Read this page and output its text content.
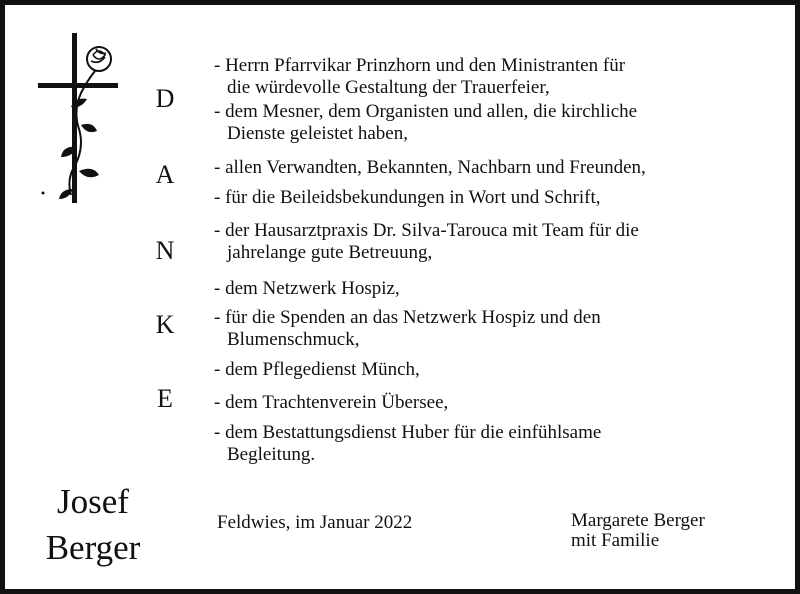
D
A
N
K
E
- Herrn Pfarrvikar Prinzhorn und den Ministranten für
die würdevolle Gestaltung der Trauerfeier,
- dem Mesner, dem Organisten und allen, die kirchliche
Dienste geleistet haben,
- allen Verwandten, Bekannten, Nachbarn und Freunden,
- für die Beileidsbekundungen in Wort und Schrift,
- der Hausarztpraxis Dr. Silva-Tarouca mit Team für die
jahrelange gute Betreuung,
- dem Netzwerk Hospiz,
- für die Spenden an das Netzwerk Hospiz und den
Blumenschmuck,
- dem Pflegedienst Münch,
- dem Trachtenverein Übersee,
- dem Bestattungsdienst Huber für die einfühlsame
Begleitung.
Josef
Berger
Feldwies, im Januar 2022	Margarete Berger
mit Familie
